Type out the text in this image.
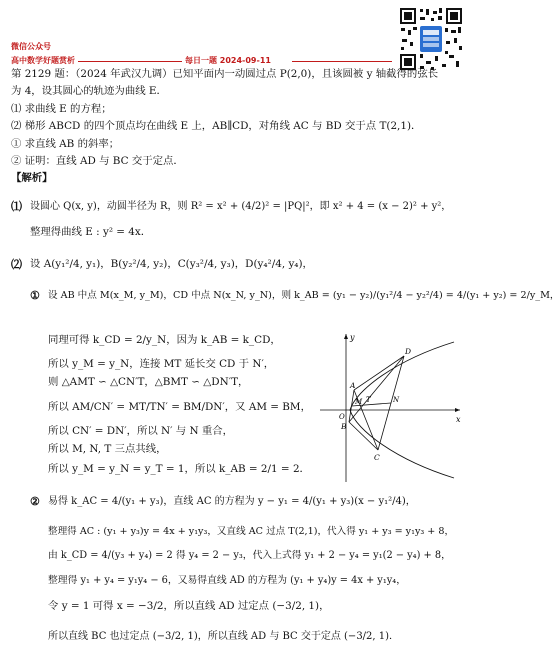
微信公众号
高中数学好题赏析	每日一题 2024-09-11
第 2129 题：（2024 年武汉九调）已知平面内一动圆过点 P(2,0)，且该圆被 y 轴截得的弦长
为 4，设其圆心的轨迹为曲线 E．
⑴ 求曲线 E 的方程；
⑵ 梯形 ABCD 的四个顶点均在曲线 E 上，AB∥CD，对角线 AC 与 BD 交于点 T(2,1)．
① 求直线 AB 的斜率；
② 证明：直线 AD 与 BC 交于定点．
【解析】
⑴ 设圆心 Q(x, y)，动圆半径为 R，则 R² = x² + (4/2)² = |PQ|²，即 x² + 4 = (x − 2)² + y²，
整理得曲线 E : y² = 4x．
⑵ 设 A(y₁²/4, y₁)，B(y₂²/4, y₂)，C(y₃²/4, y₃)，D(y₄²/4, y₄)，
① 设 AB 中点 M(x_M, y_M)，CD 中点 N(x_N, y_N)，则 k_AB = (y₁ − y₂)/(y₁²/4 − y₂²/4) = 4/(y₁ + y₂) = 2/y_M，
同理可得 k_CD = 2/y_N，因为 k_AB = k_CD，
所以 y_M = y_N，连接 MT 延长交 CD 于 N′，
则 △AMT ∽ △CN′T，△BMT ∽ △DN′T，
所以 AM/CN′ = MT/TN′ = BM/DN′，又 AM = BM，
所以 CN′ = DN′，所以 N′ 与 N 重合，
所以 M, N, T 三点共线，
所以 y_M = y_N = y_T = 1，所以 k_AB = 2/1 = 2．
② 易得 k_AC = 4/(y₁ + y₃)，直线 AC 的方程为 y − y₁ = 4/(y₁ + y₃)(x − y₁²/4)，
整理得 AC : (y₁ + y₃)y = 4x + y₁y₃，又直线 AC 过点 T(2,1)，代入得 y₁ + y₃ = y₁y₃ + 8，
由 k_CD = 4/(y₃ + y₄) = 2 得 y₄ = 2 − y₃，代入上式得 y₁ + 2 − y₄ = y₁(2 − y₄) + 8，
整理得 y₁ + y₄ = y₁y₄ − 6，又易得直线 AD 的方程为 (y₁ + y₄)y = 4x + y₁y₄，
令 y = 1 可得 x = −3/2，所以直线 AD 过定点 (−3/2, 1)，
所以直线 BC 也过定点 (−3/2, 1)，所以直线 AD 与 BC 交于定点 (−3/2, 1)．
x
y
O
A
B
C
D
M	N
T
